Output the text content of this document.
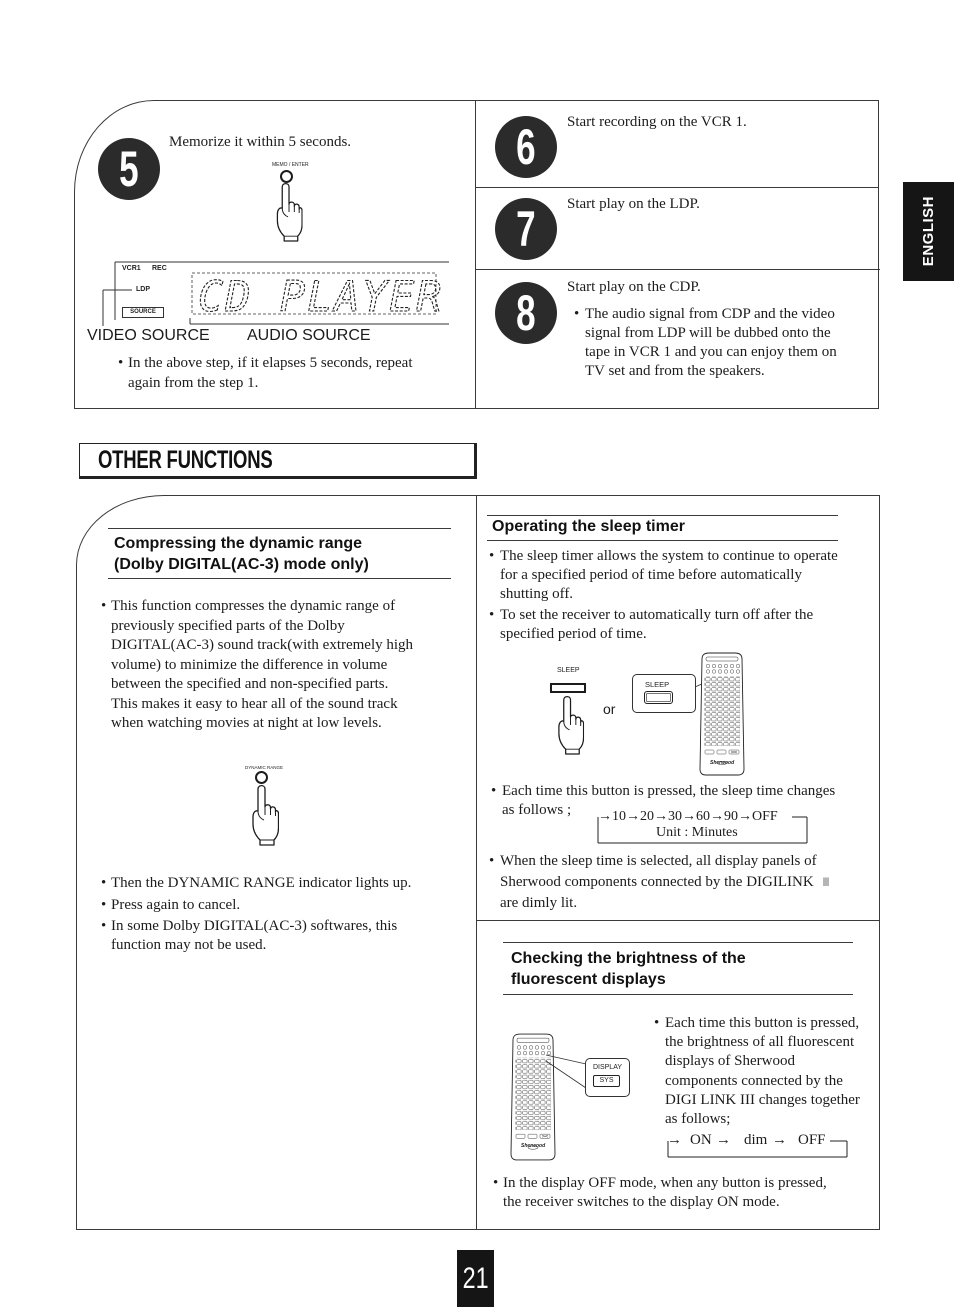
5 Memorize it within 5 seconds.
MEMO / ENTER
CD PLAYER
VCR1 REC
LDP
SOURCE
VIDEO SOURCE AUDIO SOURCE
• In the above step, if it elapses 5 seconds, repeat
again from the step 1.
6 Start recording on the VCR 1.
7 Start play on the LDP.
8 Start play on the CDP.
• The audio signal from CDP and the video
signal from LDP will be dubbed onto the
tape in VCR 1 and you can enjoy them on
TV set and from the speakers.
ENGLISH
OTHER FUNCTIONS
Compressing the dynamic range
(Dolby DIGITAL(AC-3) mode only)
• This function compresses the dynamic range of
previously specified parts of the Dolby
DIGITAL(AC-3) sound track(with extremely high
volume) to minimize the difference in volume
between the specified and non-specified parts.
This makes it easy to hear all of the sound track
when watching movies at night at low levels.
DYNAMIC RANGE
• Then the DYNAMIC RANGE indicator lights up.
• Press again to cancel.
• In some Dolby DIGITAL(AC-3) softwares, this
function may not be used.
Operating the sleep timer
• The sleep timer allows the system to continue to operate
for a specified period of time before automatically
shutting off.
• To set the receiver to automatically turn off after the
specified period of time.
SLEEP
or
SLEEP
Sherwood
• Each time this button is pressed, the sleep time changes
as follows ;	→10→20→30→60→90→OFF
Unit : Minutes
• When the sleep time is selected, all display panels of
Sherwood components connected by the DIGILINK III
are dimly lit.
Checking the brightness of the
fluorescent displays
Sherwood
DISPLAY
SYS
• Each time this button is pressed,
the brightness of all fluorescent
displays of Sherwood
components connected by the
DIGI LINK III changes together
as follows;
→ ON → dim → OFF
• In the display OFF mode, when any button is pressed,
the receiver switches to the display ON mode.
21
